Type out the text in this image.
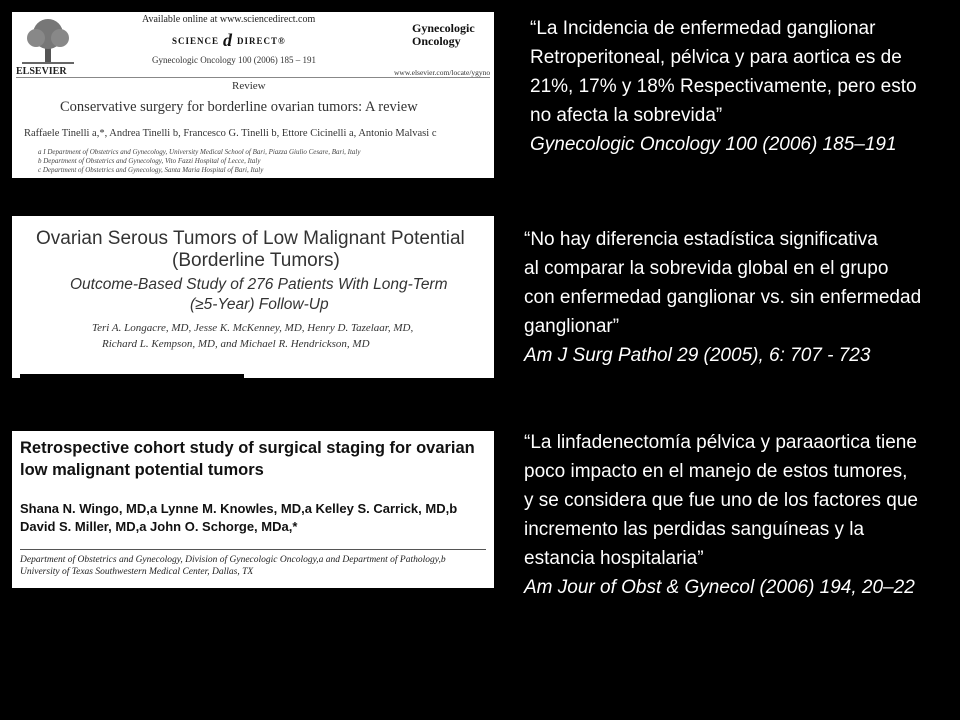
ELSEVIER
Available online at www.sciencedirect.com
SCIENCE d DIRECT®
Gynecologic Oncology 100 (2006) 185 – 191
Gynecologic
Oncology
www.elsevier.com/locate/ygyno
Review
Conservative surgery for borderline ovarian tumors: A review
Raffaele Tinelli a,*, Andrea Tinelli b, Francesco G. Tinelli b, Ettore Cicinelli a, Antonio Malvasi c
a I Department of Obstetrics and Gynecology, University Medical School of Bari, Piazza Giulio Cesare, Bari, Italy
b Department of Obstetrics and Gynecology, Vito Fazzi Hospital of Lecce, Italy
c Department of Obstetrics and Gynecology, Santa Maria Hospital of Bari, Italy
“La Incidencia de enfermedad ganglionar
Retroperitoneal, pélvica y para aortica es de
21%, 17% y 18% Respectivamente, pero esto
no afecta la sobrevida”
Gynecologic Oncology 100 (2006) 185–191
Ovarian Serous Tumors of Low Malignant Potential
(Borderline Tumors)
Outcome-Based Study of 276 Patients With Long-Term
(≥5-Year) Follow-Up
Teri A. Longacre, MD, Jesse K. McKenney, MD, Henry D. Tazelaar, MD,
Richard L. Kempson, MD, and Michael R. Hendrickson, MD
“No hay diferencia estadística significativa
al comparar la sobrevida global en el grupo
con enfermedad ganglionar vs. sin enfermedad
ganglionar”
Am J Surg Pathol 29 (2005), 6: 707 - 723
Retrospective cohort study of surgical staging for ovarian
low malignant potential tumors
Shana N. Wingo, MD,a Lynne M. Knowles, MD,a Kelley S. Carrick, MD,b
David S. Miller, MD,a John O. Schorge, MDa,*
Department of Obstetrics and Gynecology, Division of Gynecologic Oncology,a and Department of Pathology,b
University of Texas Southwestern Medical Center, Dallas, TX
“La linfadenectomía pélvica y paraaortica tiene
poco impacto en el manejo de estos tumores,
y se considera que fue uno de los factores que
incremento las perdidas sanguíneas y la
estancia hospitalaria”
Am Jour of Obst & Gynecol (2006) 194, 20–22
